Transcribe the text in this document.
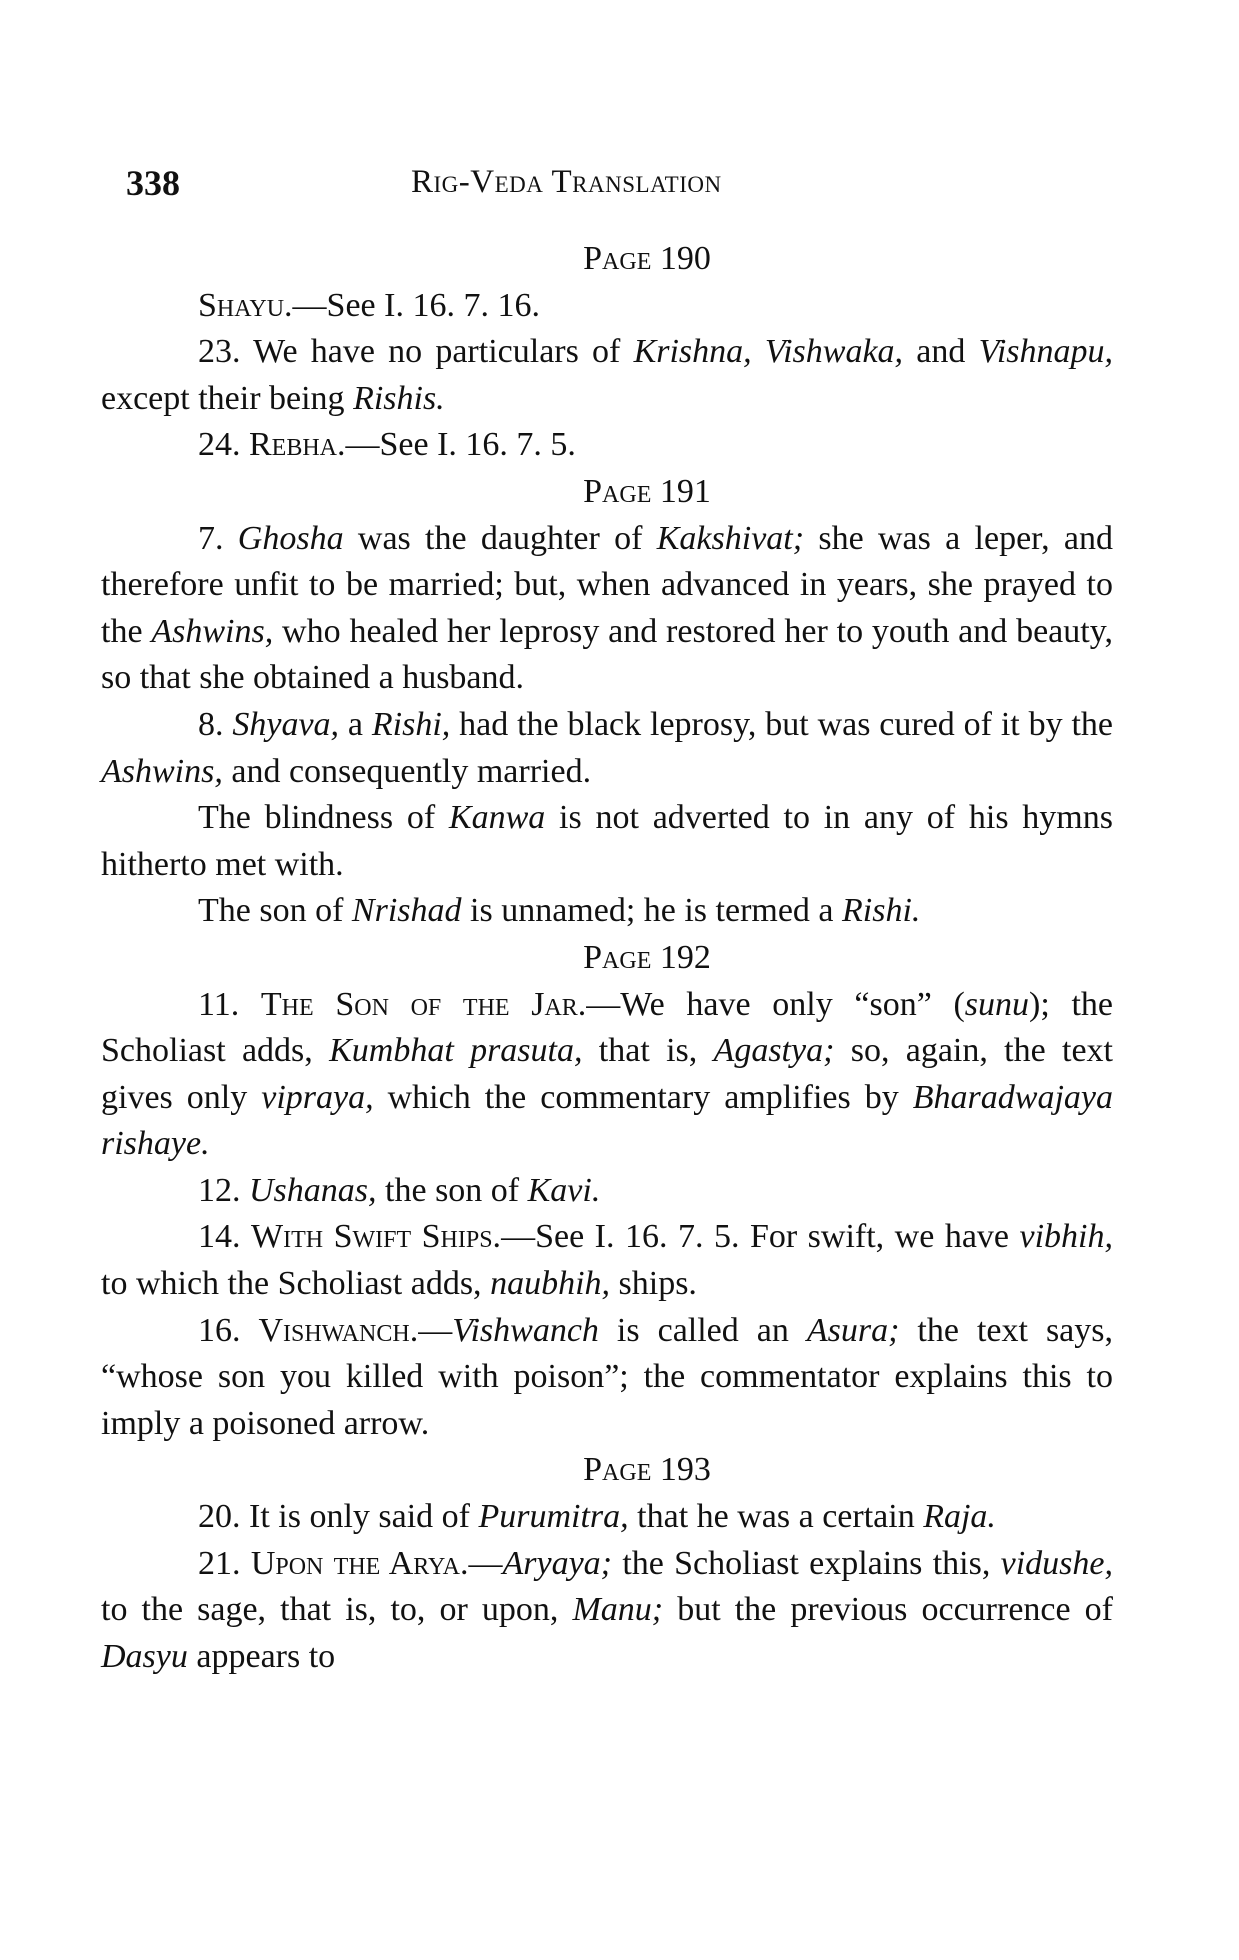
338	Rig-Veda Translation

Page 190

Shayu.—See I. 16. 7. 16.

23. We have no particulars of Krishna, Vishwaka, and Vishnapu, except their being Rishis.

24. Rebha.—See I. 16. 7. 5.

Page 191

7. Ghosha was the daughter of Kakshivat; she was a leper, and therefore unfit to be married; but, when advanced in years, she prayed to the Ashwins, who healed her leprosy and restored her to youth and beauty, so that she obtained a husband.

8. Shyava, a Rishi, had the black leprosy, but was cured of it by the Ashwins, and consequently married.

The blindness of Kanwa is not adverted to in any of his hymns hitherto met with.

The son of Nrishad is unnamed; he is termed a Rishi.

Page 192

11. The Son of the Jar.—We have only “son” (sunu); the Scholiast adds, Kumbhat prasuta, that is, Agastya; so, again, the text gives only vipraya, which the commentary amplifies by Bharadwajaya rishaye.

12. Ushanas, the son of Kavi.

14. With Swift Ships.—See I. 16. 7. 5. For swift, we have vibhih, to which the Scholiast adds, naubhih, ships.

16. Vishwanch.—Vishwanch is called an Asura; the text says, “whose son you killed with poison”; the commentator explains this to imply a poisoned arrow.

Page 193

20. It is only said of Purumitra, that he was a certain Raja.

21. Upon the Arya.—Aryaya; the Scholiast explains this, vidushe, to the sage, that is, to, or upon, Manu; but the previous occurrence of Dasyu appears to
